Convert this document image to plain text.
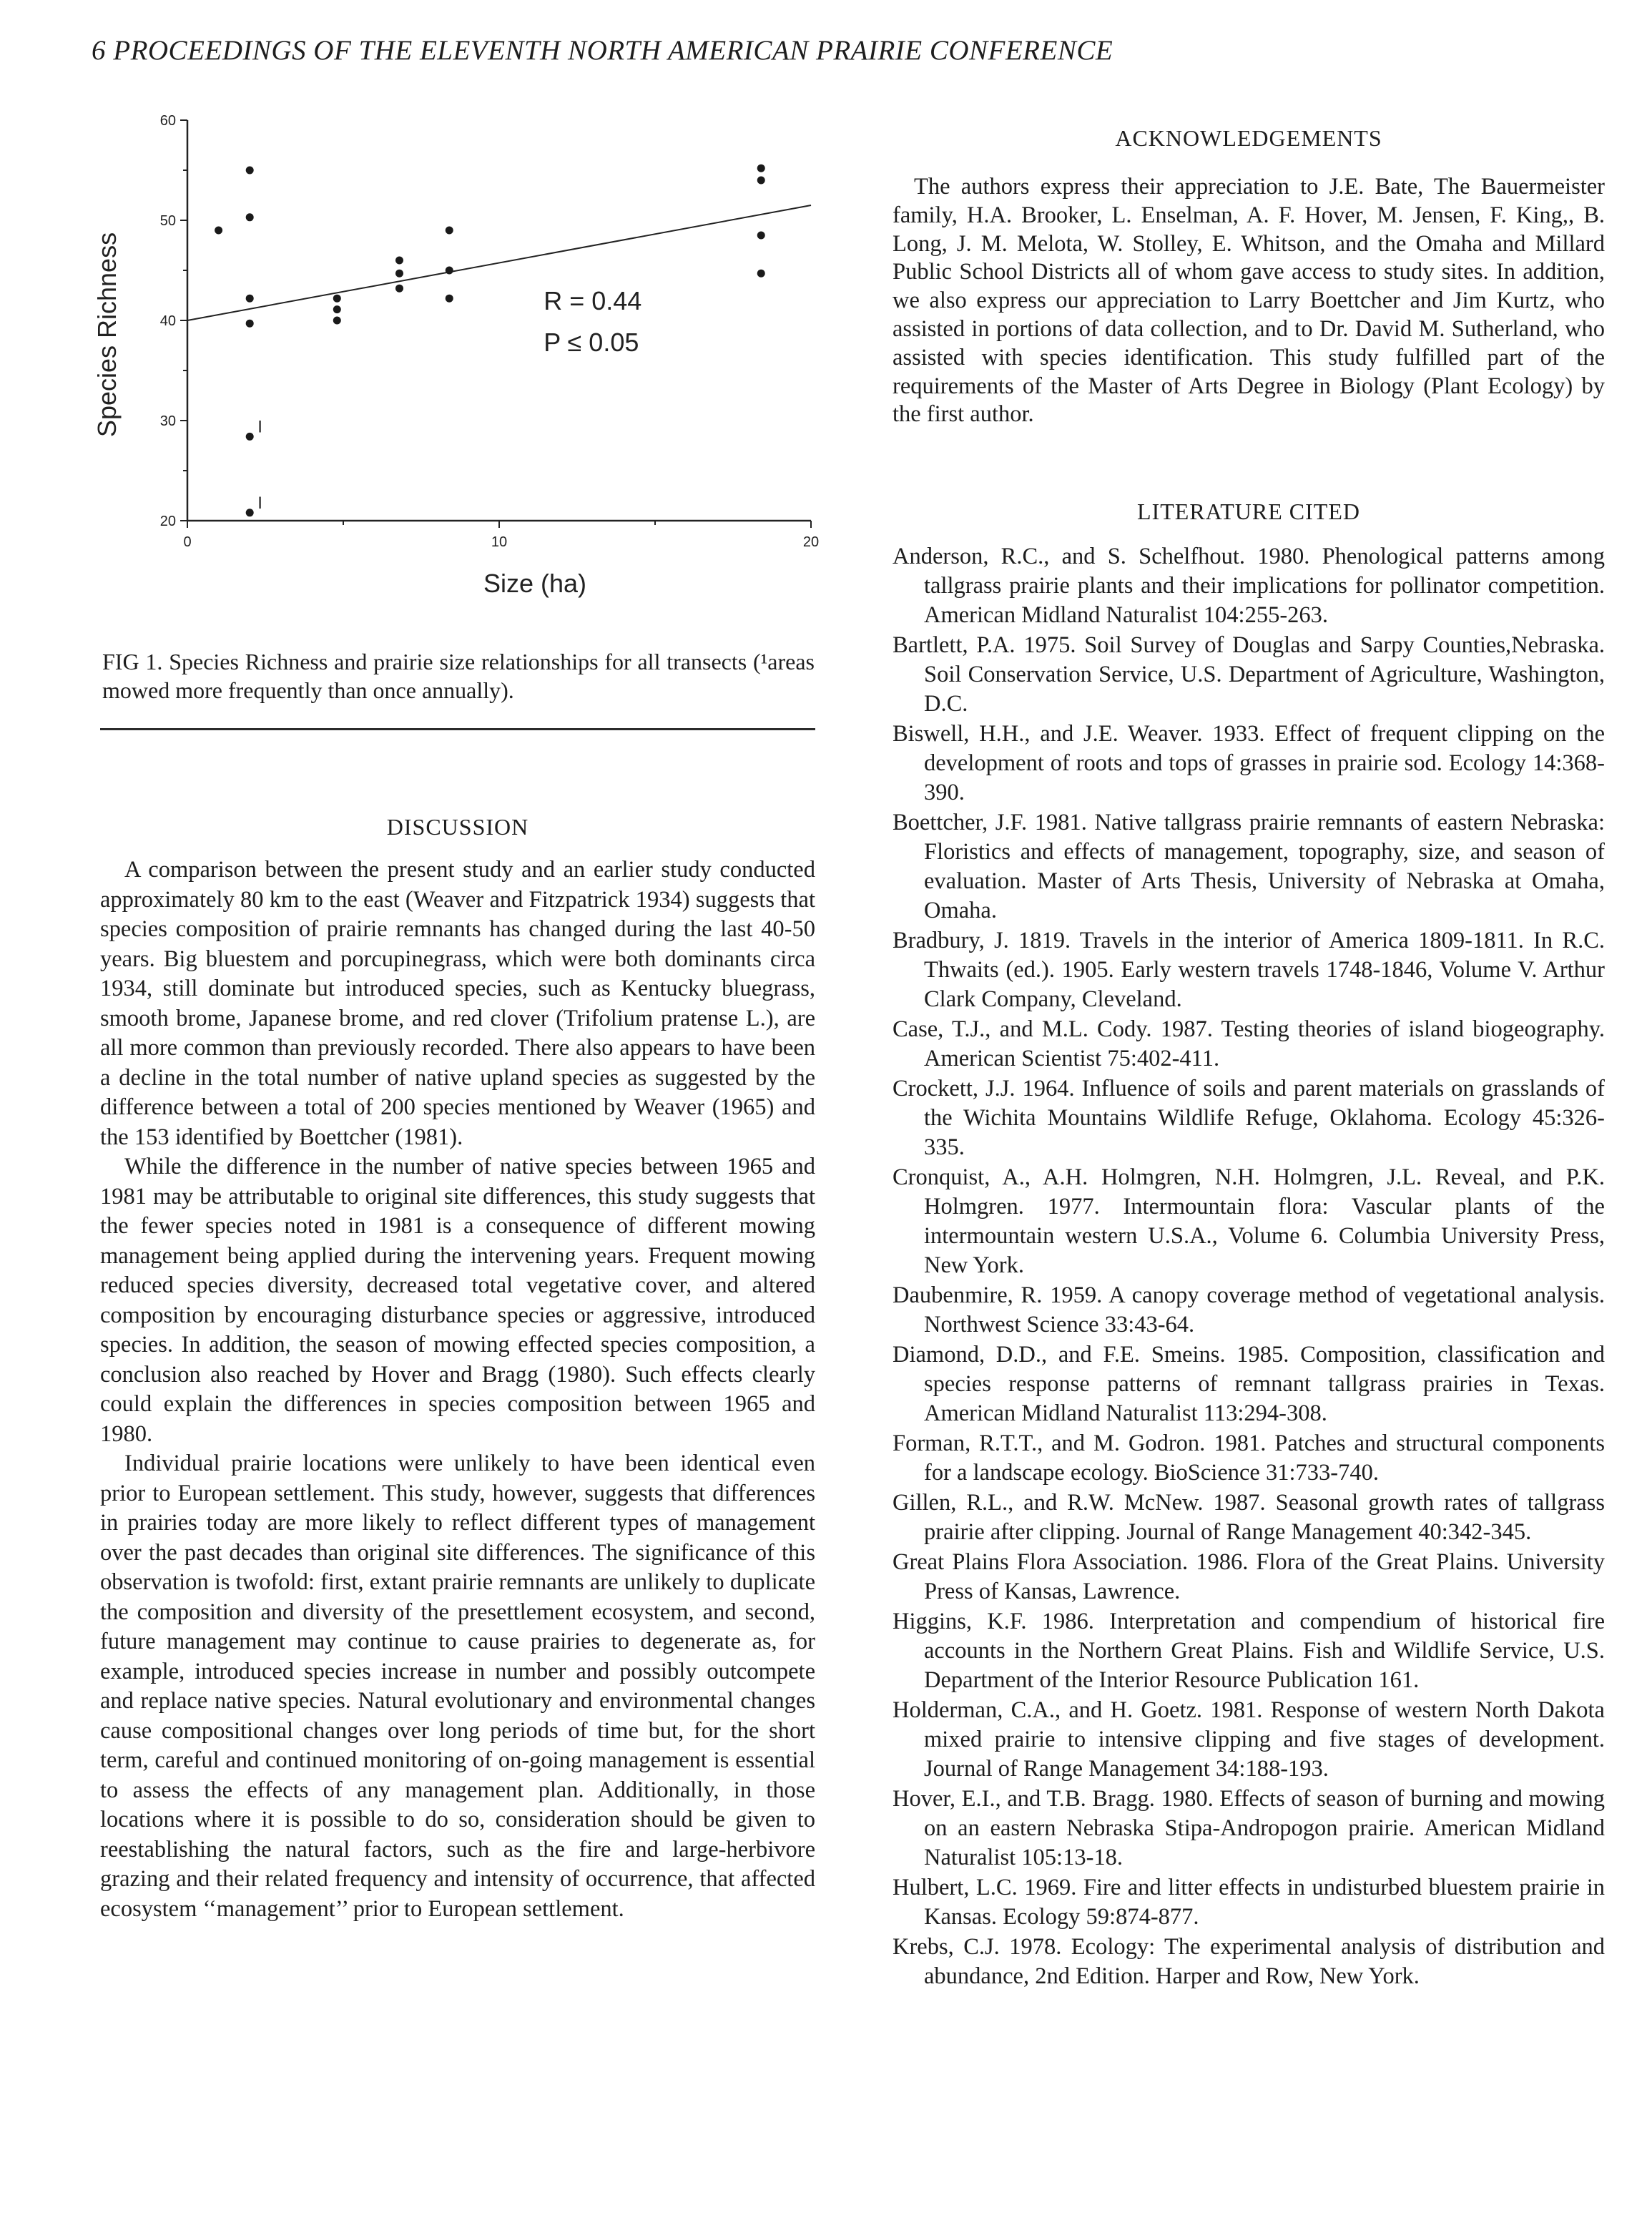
6 PROCEEDINGS OF THE ELEVENTH NORTH AMERICAN PRAIRIE CONFERENCE
20
30
40
50
60
0	10	20
Size (ha)
Species Richness	I
I
R = 0.44
P ≤ 0.05
FIG 1. Species Richness and prairie size relationships for all transects (¹areas mowed more frequently than once annually).
DISCUSSION

A comparison between the present study and an earlier study conducted approximately 80 km to the east (Weaver and Fitzpatrick 1934) suggests that species composition of prairie remnants has changed during the last 40-50 years. Big bluestem and porcupinegrass, which were both dominants circa 1934, still dominate but introduced species, such as Kentucky bluegrass, smooth brome, Japanese brome, and red clover (Trifolium pratense L.), are all more common than previously recorded. There also appears to have been a decline in the total number of native upland species as suggested by the difference between a total of 200 species mentioned by Weaver (1965) and the 153 identified by Boettcher (1981).

While the difference in the number of native species between 1965 and 1981 may be attributable to original site differences, this study suggests that the fewer species noted in 1981 is a consequence of different mowing management being applied during the intervening years. Frequent mowing reduced species diversity, decreased total vegetative cover, and altered composition by encouraging disturbance species or aggressive, introduced species. In addition, the season of mowing effected species composition, a conclusion also reached by Hover and Bragg (1980). Such effects clearly could explain the differences in species composition between 1965 and 1980.

Individual prairie locations were unlikely to have been identical even prior to European settlement. This study, however, suggests that differences in prairies today are more likely to reflect different types of management over the past decades than original site differences. The significance of this observation is twofold: first, extant prairie remnants are unlikely to duplicate the composition and diversity of the presettlement ecosystem, and second, future management may continue to cause prairies to degenerate as, for example, introduced species increase in number and possibly outcompete and replace native species. Natural evolutionary and environmental changes cause compositional changes over long periods of time but, for the short term, careful and continued monitoring of on-going management is essential to assess the effects of any management plan. Additionally, in those locations where it is possible to do so, consideration should be given to reestablishing the natural factors, such as the fire and large-herbivore grazing and their related frequency and intensity of occurrence, that affected ecosystem ‘‘management’’ prior to European settlement.

ACKNOWLEDGEMENTS

The authors express their appreciation to J.E. Bate, The Bauermeister family, H.A. Brooker, L. Enselman, A. F. Hover, M. Jensen, F. King,, B. Long, J. M. Melota, W. Stolley, E. Whitson, and the Omaha and Millard Public School Districts all of whom gave access to study sites. In addition, we also express our appreciation to Larry Boettcher and Jim Kurtz, who assisted in portions of data collection, and to Dr. David M. Sutherland, who assisted with species identification. This study fulfilled part of the requirements of the Master of Arts Degree in Biology (Plant Ecology) by the first author.

LITERATURE CITED

Anderson, R.C., and S. Schelfhout. 1980. Phenological patterns among tallgrass prairie plants and their implications for pollinator competition. American Midland Naturalist 104:255-263.

Bartlett, P.A. 1975. Soil Survey of Douglas and Sarpy Counties,Nebraska. Soil Conservation Service, U.S. Department of Agriculture, Washington, D.C.

Biswell, H.H., and J.E. Weaver. 1933. Effect of frequent clipping on the development of roots and tops of grasses in prairie sod. Ecology 14:368-390.

Boettcher, J.F. 1981. Native tallgrass prairie remnants of eastern Nebraska: Floristics and effects of management, topography, size, and season of evaluation. Master of Arts Thesis, University of Nebraska at Omaha, Omaha.

Bradbury, J. 1819. Travels in the interior of America 1809-1811. In R.C. Thwaits (ed.). 1905. Early western travels 1748-1846, Volume V. Arthur Clark Company, Cleveland.

Case, T.J., and M.L. Cody. 1987. Testing theories of island biogeography. American Scientist 75:402-411.

Crockett, J.J. 1964. Influence of soils and parent materials on grasslands of the Wichita Mountains Wildlife Refuge, Oklahoma. Ecology 45:326-335.

Cronquist, A., A.H. Holmgren, N.H. Holmgren, J.L. Reveal, and P.K. Holmgren. 1977. Intermountain flora: Vascular plants of the intermountain western U.S.A., Volume 6. Columbia University Press, New York.

Daubenmire, R. 1959. A canopy coverage method of vegetational analysis. Northwest Science 33:43-64.

Diamond, D.D., and F.E. Smeins. 1985. Composition, classification and species response patterns of remnant tallgrass prairies in Texas. American Midland Naturalist 113:294-308.

Forman, R.T.T., and M. Godron. 1981. Patches and structural components for a landscape ecology. BioScience 31:733-740.

Gillen, R.L., and R.W. McNew. 1987. Seasonal growth rates of tallgrass prairie after clipping. Journal of Range Management 40:342-345.

Great Plains Flora Association. 1986. Flora of the Great Plains. University Press of Kansas, Lawrence.

Higgins, K.F. 1986. Interpretation and compendium of historical fire accounts in the Northern Great Plains. Fish and Wildlife Service, U.S. Department of the Interior Resource Publication 161.

Holderman, C.A., and H. Goetz. 1981. Response of western North Dakota mixed prairie to intensive clipping and five stages of development. Journal of Range Management 34:188-193.

Hover, E.I., and T.B. Bragg. 1980. Effects of season of burning and mowing on an eastern Nebraska Stipa-Andropogon prairie. American Midland Naturalist 105:13-18.

Hulbert, L.C. 1969. Fire and litter effects in undisturbed bluestem prairie in Kansas. Ecology 59:874-877.

Krebs, C.J. 1978. Ecology: The experimental analysis of distribution and abundance, 2nd Edition. Harper and Row, New York.
